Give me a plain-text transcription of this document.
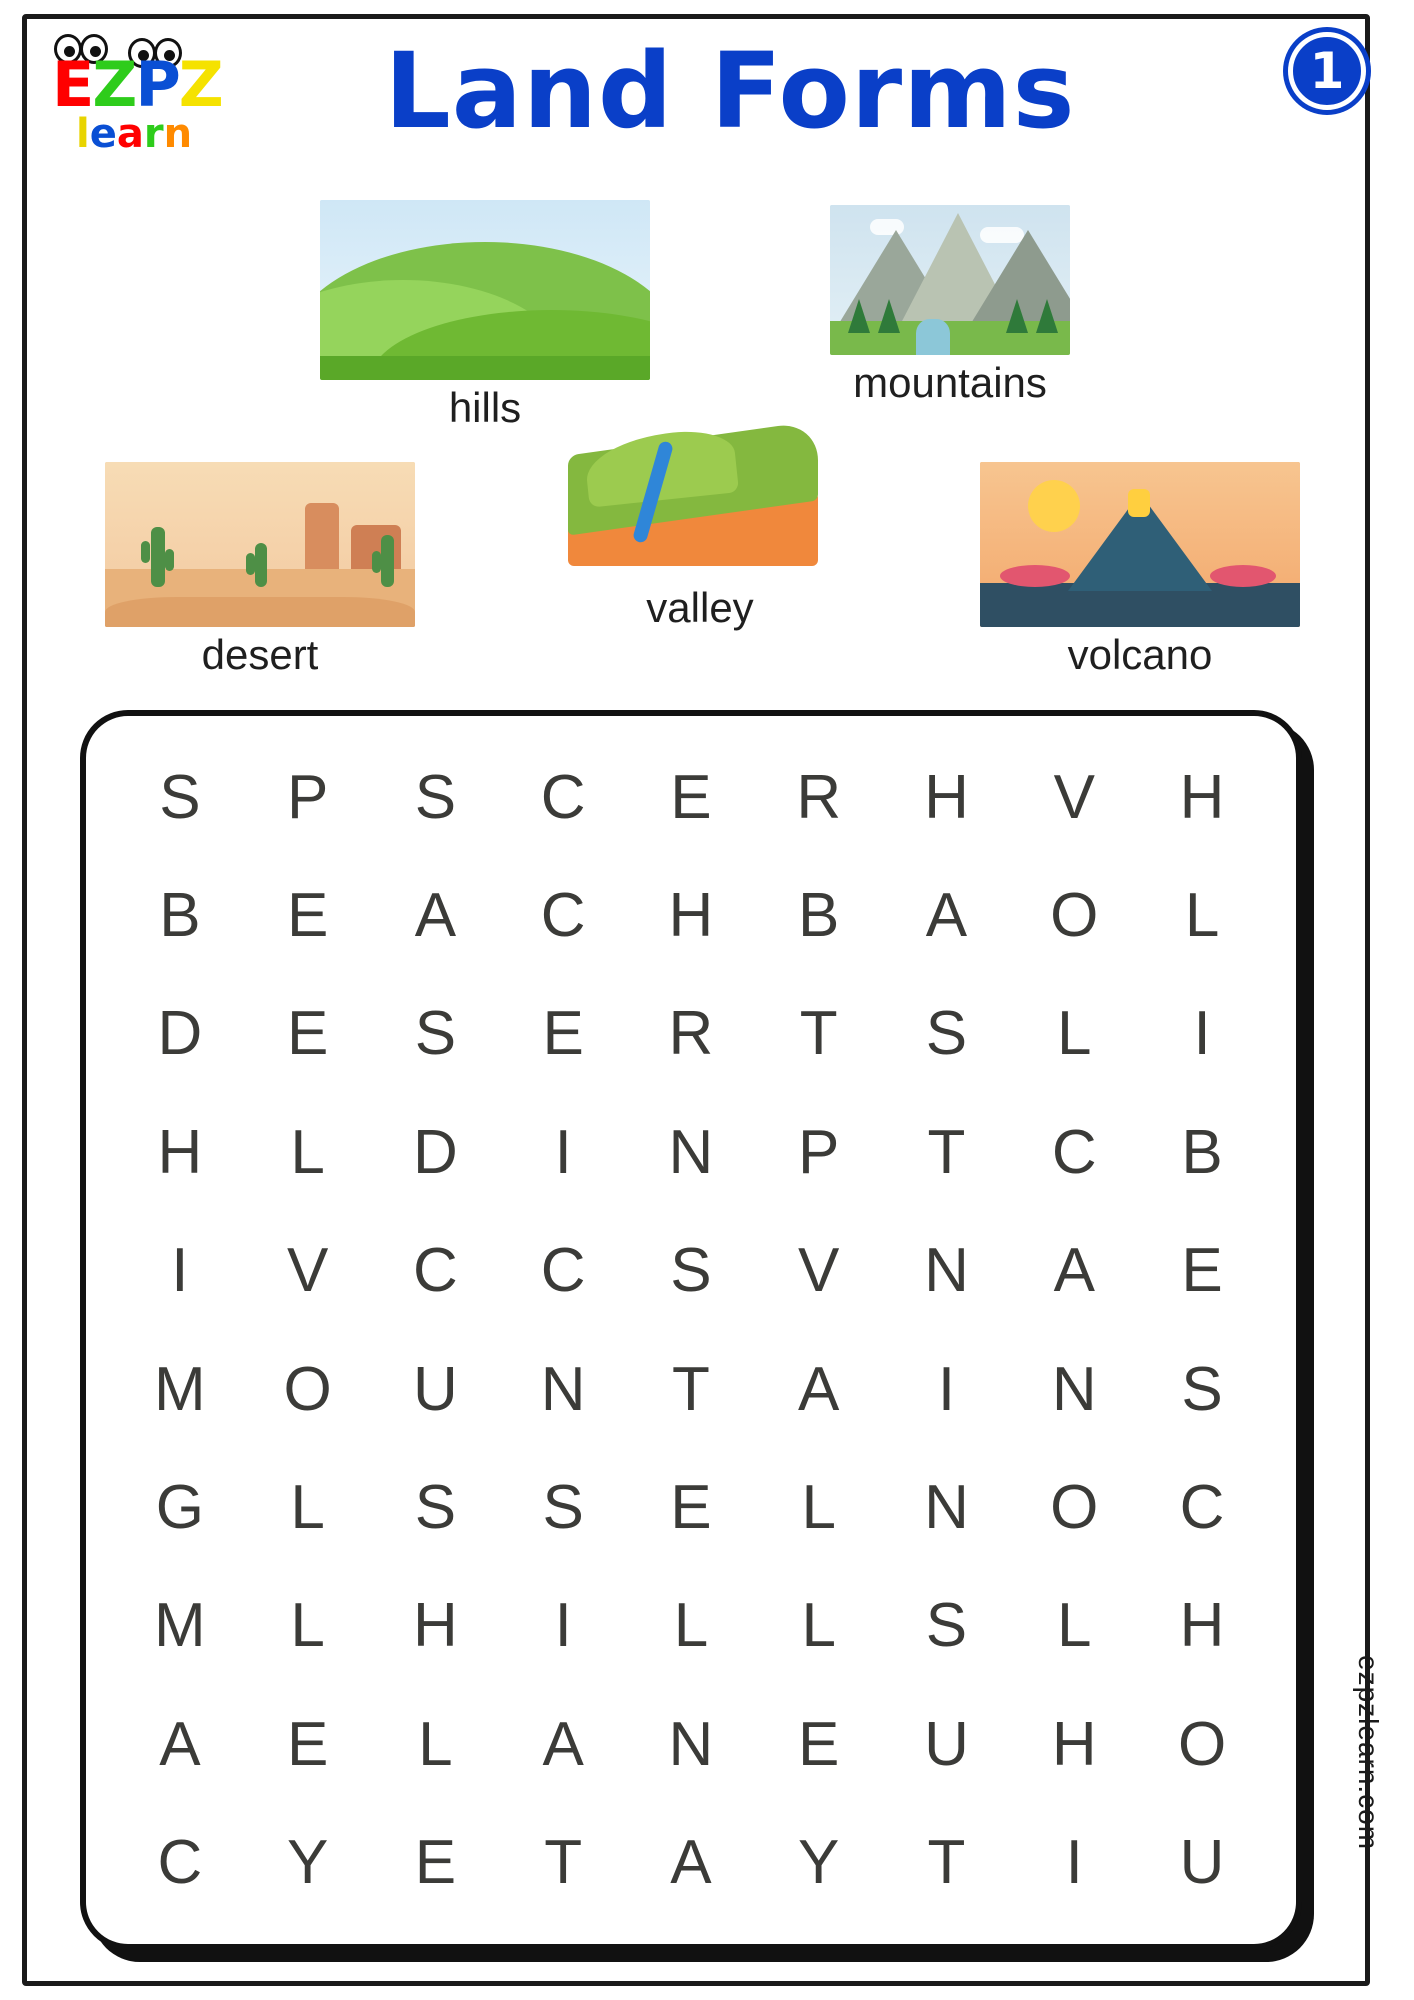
EZPZ
learn	Land Forms	1
hills
mountains
desert
valley
volcano
S	P	S	C	E	R	H	V	H
B	E	A	C	H	B	A	O	L
D	E	S	E	R	T	S	L	I
H	L	D	I	N	P	T	C	B
I	V	C	C	S	V	N	A	E
M	O	U	N	T	A	I	N	S
G	L	S	S	E	L	N	O	C
M	L	H	I	L	L	S	L	H
A	E	L	A	N	E	U	H	O
C	Y	E	T	A	Y	T	I	U
ezpzlearn.com
